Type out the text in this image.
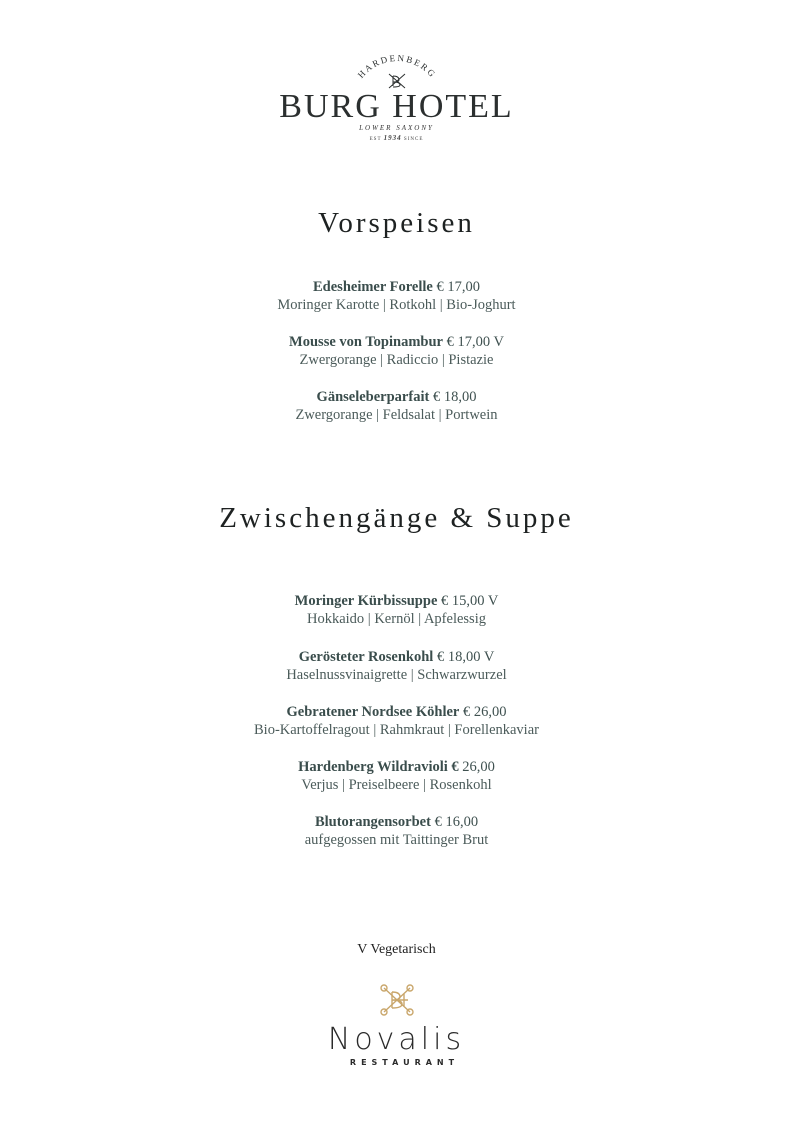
HARDENBERG
BURG HOTEL
LOWER SAXONY
EST 1934 SINCE
Vorspeisen
Edesheimer Forelle € 17,00
Moringer Karotte | Rotkohl | Bio-Joghurt
Mousse von Topinambur € 17,00 V
Zwergorange | Radiccio | Pistazie
Gänseleberparfait € 18,00
Zwergorange | Feldsalat | Portwein
Zwischengänge & Suppe
Moringer Kürbissuppe € 15,00 V
Hokkaido | Kernöl | Apfelessig
Gerösteter Rosenkohl € 18,00 V
Haselnussvinaigrette | Schwarzwurzel
Gebratener Nordsee Köhler € 26,00
Bio-Kartoffelragout | Rahmkraut | Forellenkaviar
Hardenberg Wildravioli € 26,00
Verjus | Preiselbeere | Rosenkohl
Blutorangensorbet € 16,00
aufgegossen mit Taittinger Brut
V Vegetarisch
Novalis
RESTAURANT
